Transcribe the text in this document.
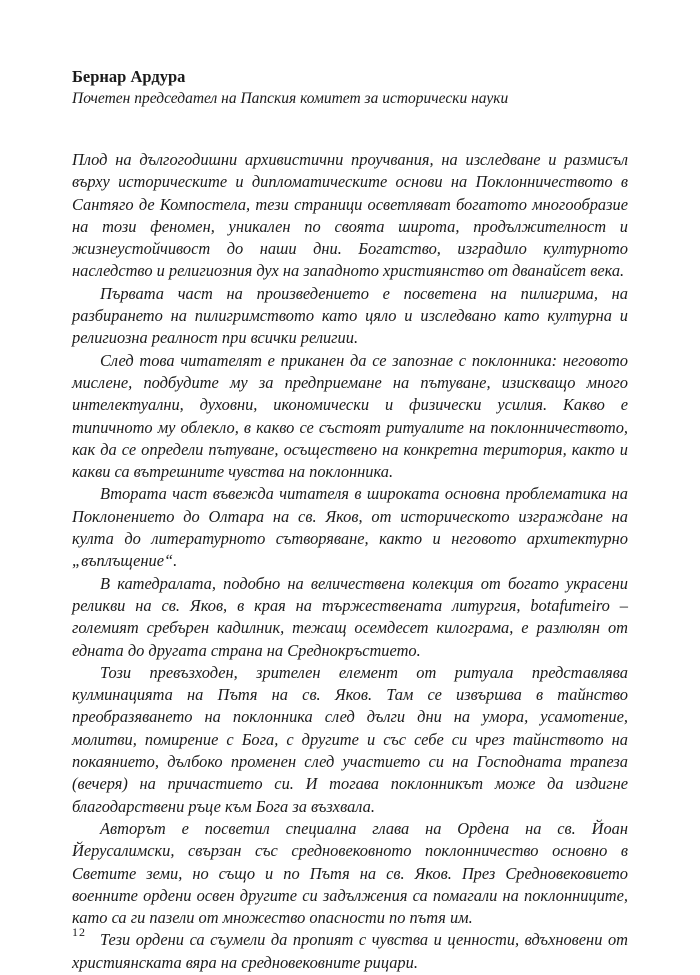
Бернар Ардура

Почетен председател на Папския комитет за исторически науки

Плод на дългогодишни архивистични проучвания, на изследване и размисъл върху историческите и дипломатическите основи на Поклонничеството в Сантяго де Компостела, тези страници осветляват богатото многообразие на този феномен, уникален по своята широта, продължителност и жизнеустойчивост до наши дни. Богатство, изградило културното наследство и религиозния дух на западното християнство от дванайсет века.

Първата част на произведението е посветена на пилигрима, на разбирането на пилигримството като цяло и изследвано като културна и религиозна реалност при всички религии.

След това читателят е приканен да се запознае с поклонника: неговото мислене, подбудите му за предприемане на пътуване, изискващо много интелектуални, духовни, икономически и физически усилия. Какво е типичното му облекло, в какво се състоят ритуалите на поклонничеството, как да се определи пътуване, осъществено на конкретна територия, както и какви са вътрешните чувства на поклонника.

Втората част въвежда читателя в широката основна проблематика на Поклонението до Олтара на св. Яков, от историческото изграждане на култа до литературното сътворяване, както и неговото архитектурно „въплъщение“.

В катедралата, подобно на величествена колекция от богато украсени реликви на св. Яков, в края на тържествената литургия, botafumeiro – големият сребърен кадилник, тежащ осемдесет килограма, е разлюлян от едната до другата страна на Среднокръстието.

Този превъзходен, зрителен елемент от ритуала представлява кулминацията на Пътя на св. Яков. Там се извършва в тайнство преобразяването на поклонника след дълги дни на умора, усамотение, молитви, помирение с Бога, с другите и със себе си чрез тайнството на покаянието, дълбоко променен след участието си на Господната трапеза (вечеря) на причастието си. И тогава поклонникът може да издигне благодарствени ръце към Бога за възхвала.

Авторът е посветил специална глава на Ордена на св. Йоан Йерусалимски, свързан със средновековното поклонничество основно в Светите земи, но също и по Пътя на св. Яков. През Средновековието военните ордени освен другите си задължения са помагали на поклонниците, като са ги пазели от множество опасности по пътя им.

Тези ордени са съумели да пропият с чувства и ценности, вдъхновени от християнската вяра на средновековните рицари.

12
